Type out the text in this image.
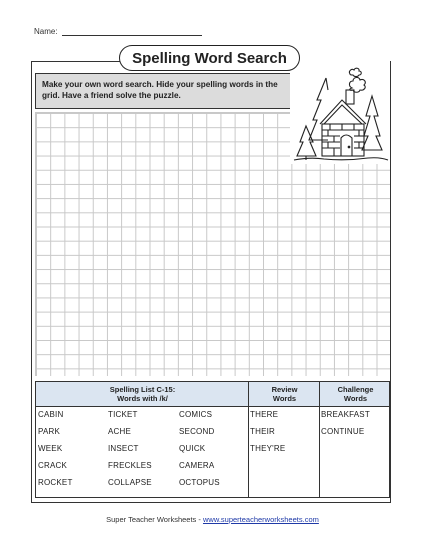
Name:
Spelling Word Search
Make your own word search. Hide your spelling words in the grid. Have a friend solve the puzzle.
Spelling List C-15:
Words with /k/
Review
Words
Challenge
Words
CABIN
PARK
WEEK
CRACK
ROCKET
TICKET
ACHE
INSECT
FRECKLES
COLLAPSE
COMICS
SECOND
QUICK
CAMERA
OCTOPUS
THERE
THEIR
THEY'RE
BREAKFAST
CONTINUE
Super Teacher Worksheets - www.superteacherworksheets.com
